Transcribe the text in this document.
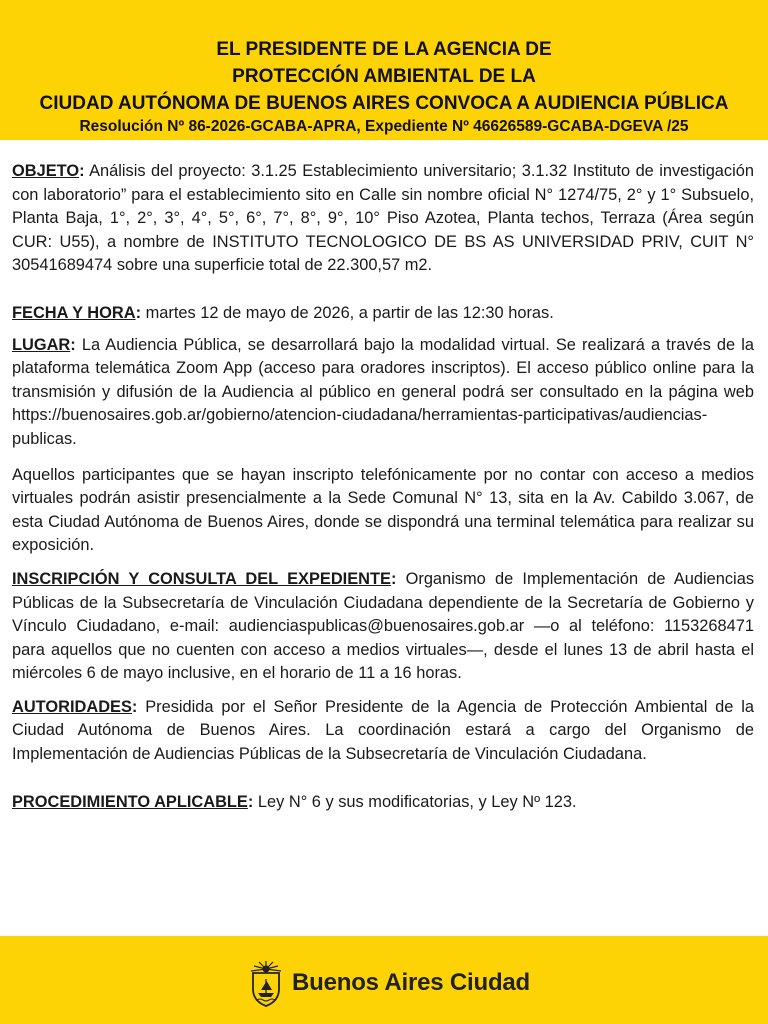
EL PRESIDENTE DE LA AGENCIA DE

PROTECCIÓN AMBIENTAL DE LA

CIUDAD AUTÓNOMA DE BUENOS AIRES CONVOCA A AUDIENCIA PÚBLICA

Resolución Nº 86-2026-GCABA-APRA, Expediente Nº 46626589-GCABA-DGEVA /25

OBJETO: Análisis del proyecto: 3.1.25 Establecimiento universitario; 3.1.32 Instituto de investigación con laboratorio” para el establecimiento sito en Calle sin nombre oficial N° 1274/75, 2° y 1° Subsuelo, Planta Baja, 1°, 2°, 3°, 4°, 5°, 6°, 7°, 8°, 9°, 10° Piso Azotea, Planta techos, Terraza (Área según CUR: U55), a nombre de INSTITUTO TECNOLOGICO DE BS AS UNIVERSIDAD PRIV, CUIT N° 30541689474 sobre una superficie total de 22.300,57 m2.

FECHA Y HORA: martes 12 de mayo de 2026, a partir de las 12:30 horas.

LUGAR: La Audiencia Pública, se desarrollará bajo la modalidad virtual. Se realizará a través de la plataforma telemática Zoom App (acceso para oradores inscriptos). El acceso público online para la transmisión y difusión de la Audiencia al público en general podrá ser consultado en la página web https://buenosaires.gob.ar/gobierno/atencion-ciudadana/herramientas-participativas/audiencias-publicas.

Aquellos participantes que se hayan inscripto telefónicamente por no contar con acceso a medios virtuales podrán asistir presencialmente a la Sede Comunal N° 13, sita en la Av. Cabildo 3.067, de esta Ciudad Autónoma de Buenos Aires, donde se dispondrá una terminal telemática para realizar su exposición.

INSCRIPCIÓN Y CONSULTA DEL EXPEDIENTE: Organismo de Implementación de Audiencias Públicas de la Subsecretaría de Vinculación Ciudadana dependiente de la Secretaría de Gobierno y Vínculo Ciudadano, e-mail: audienciaspublicas@buenosaires.gob.ar —o al teléfono: 1153268471 para aquellos que no cuenten con acceso a medios virtuales—, desde el lunes 13 de abril hasta el miércoles 6 de mayo inclusive, en el horario de 11 a 16 horas.

AUTORIDADES: Presidida por el Señor Presidente de la Agencia de Protección Ambiental de la Ciudad Autónoma de Buenos Aires. La coordinación estará a cargo del Organismo de Implementación de Audiencias Públicas de la Subsecretaría de Vinculación Ciudadana.

PROCEDIMIENTO APLICABLE: Ley N° 6 y sus modificatorias, y Ley Nº 123.

Buenos Aires Ciudad
